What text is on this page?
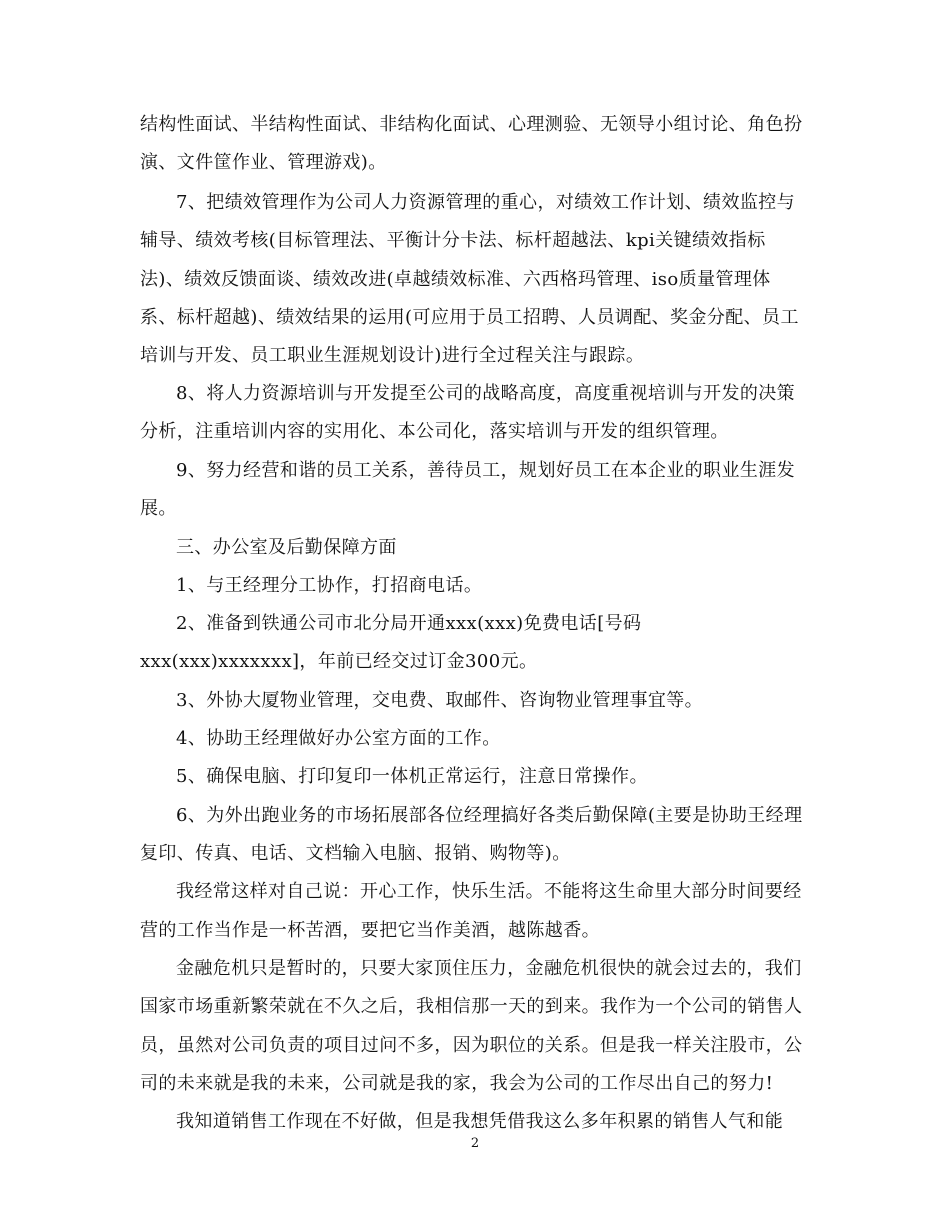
结构性面试、半结构性面试、非结构化面试、心理测验、无领导小组讨论、角色扮
演、文件筐作业、管理游戏)。
7、把绩效管理作为公司人力资源管理的重心，对绩效工作计划、绩效监控与
辅导、绩效考核(目标管理法、平衡计分卡法、标杆超越法、kpi关键绩效指标
法)、绩效反馈面谈、绩效改进(卓越绩效标准、六西格玛管理、iso质量管理体
系、标杆超越)、绩效结果的运用(可应用于员工招聘、人员调配、奖金分配、员工
培训与开发、员工职业生涯规划设计)进行全过程关注与跟踪。
8、将人力资源培训与开发提至公司的战略高度，高度重视培训与开发的决策
分析，注重培训内容的实用化、本公司化，落实培训与开发的组织管理。
9、努力经营和谐的员工关系，善待员工，规划好员工在本企业的职业生涯发
展。
三、办公室及后勤保障方面
1、与王经理分工协作，打招商电话。
2、准备到铁通公司市北分局开通xxx(xxx)免费电话[号码
xxx(xxx)xxxxxxx]，年前已经交过订金300元。
3、外协大厦物业管理，交电费、取邮件、咨询物业管理事宜等。
4、协助王经理做好办公室方面的工作。
5、确保电脑、打印复印一体机正常运行，注意日常操作。
6、为外出跑业务的市场拓展部各位经理搞好各类后勤保障(主要是协助王经理
复印、传真、电话、文档输入电脑、报销、购物等)。
我经常这样对自己说：开心工作，快乐生活。不能将这生命里大部分时间要经
营的工作当作是一杯苦酒，要把它当作美酒，越陈越香。
金融危机只是暂时的，只要大家顶住压力，金融危机很快的就会过去的，我们
国家市场重新繁荣就在不久之后，我相信那一天的到来。我作为一个公司的销售人
员，虽然对公司负责的项目过问不多，因为职位的关系。但是我一样关注股市，公
司的未来就是我的未来，公司就是我的家，我会为公司的工作尽出自己的努力!
我知道销售工作现在不好做，但是我想凭借我这么多年积累的销售人气和能
2
